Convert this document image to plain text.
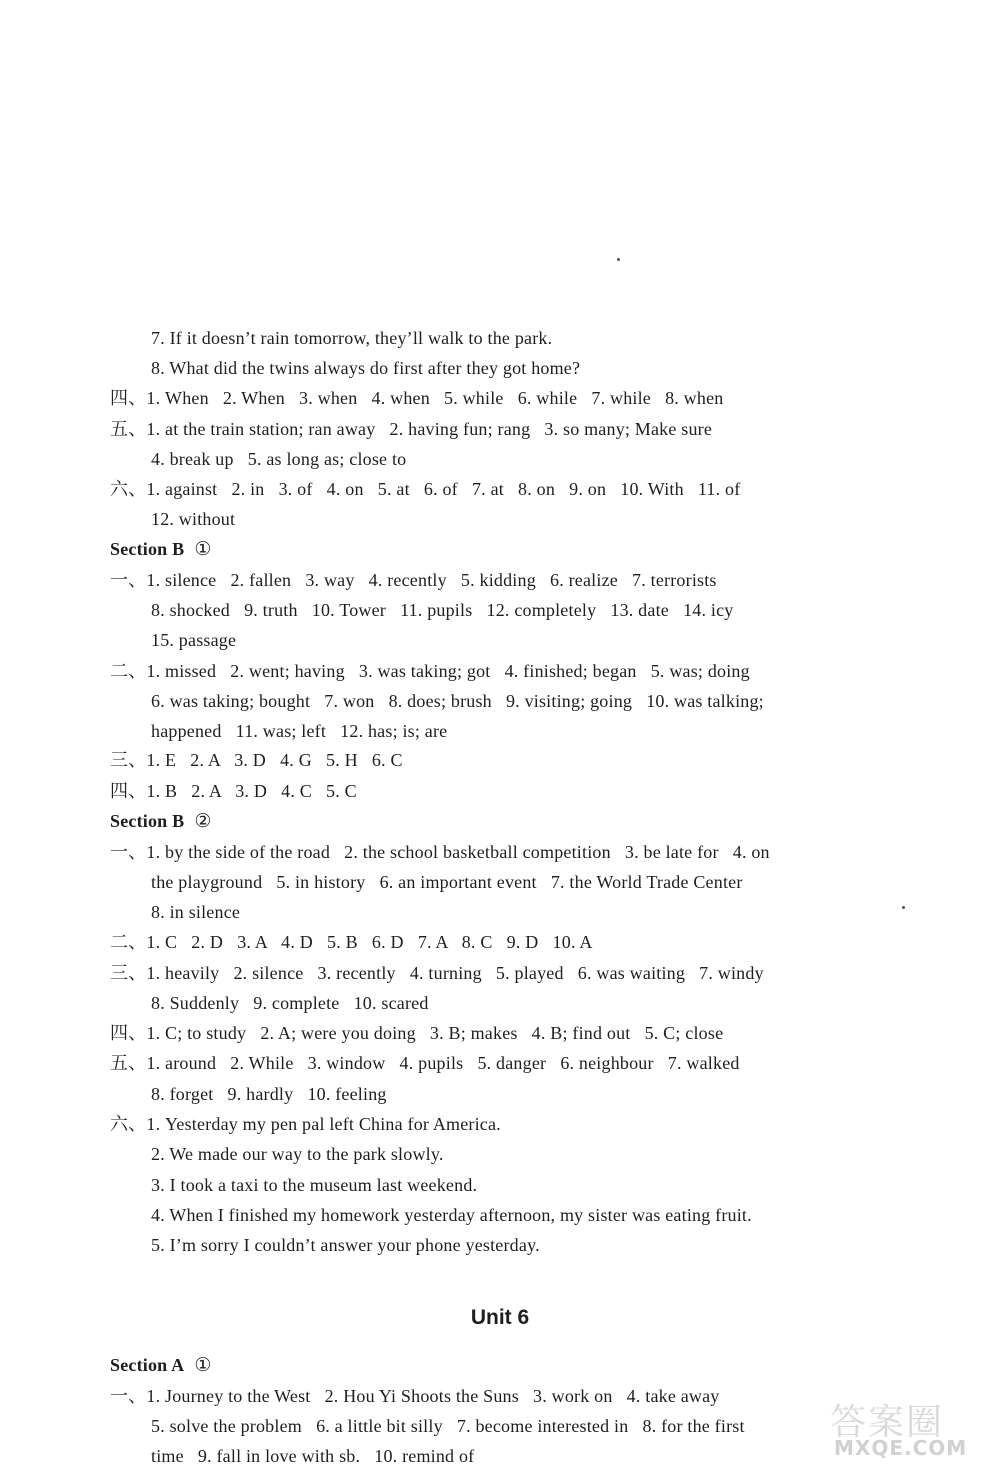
7. If it doesn’t rain tomorrow, they’ll walk to the park.
8. What did the twins always do first after they got home?
四、1. When   2. When   3. when   4. when   5. while   6. while   7. while   8. when
五、1. at the train station; ran away   2. having fun; rang   3. so many; Make sure
4. break up   5. as long as; close to
六、1. against   2. in   3. of   4. on   5. at   6. of   7. at   8. on   9. on   10. With   11. of
12. without
Section B ①
一、1. silence   2. fallen   3. way   4. recently   5. kidding   6. realize   7. terrorists
8. shocked   9. truth   10. Tower   11. pupils   12. completely   13. date   14. icy
15. passage
二、1. missed   2. went; having   3. was taking; got   4. finished; began   5. was; doing
6. was taking; bought   7. won   8. does; brush   9. visiting; going   10. was talking;
happened   11. was; left   12. has; is; are
三、1. E   2. A   3. D   4. G   5. H   6. C
四、1. B   2. A   3. D   4. C   5. C
Section B ②
一、1. by the side of the road   2. the school basketball competition   3. be late for   4. on
the playground   5. in history   6. an important event   7. the World Trade Center
8. in silence
二、1. C   2. D   3. A   4. D   5. B   6. D   7. A   8. C   9. D   10. A
三、1. heavily   2. silence   3. recently   4. turning   5. played   6. was waiting   7. windy
8. Suddenly   9. complete   10. scared
四、1. C; to study   2. A; were you doing   3. B; makes   4. B; find out   5. C; close
五、1. around   2. While   3. window   4. pupils   5. danger   6. neighbour   7. walked
8. forget   9. hardly   10. feeling
六、1. Yesterday my pen pal left China for America.
2. We made our way to the park slowly.
3. I took a taxi to the museum last weekend.
4. When I finished my homework yesterday afternoon, my sister was eating fruit.
5. I’m sorry I couldn’t answer your phone yesterday.
Unit 6
Section A ①
一、1. Journey to the West   2. Hou Yi Shoots the Suns   3. work on   4. take away
5. solve the problem   6. a little bit silly   7. become interested in   8. for the first
time   9. fall in love with sb.   10. remind of
答案圈
MXQE.COM
